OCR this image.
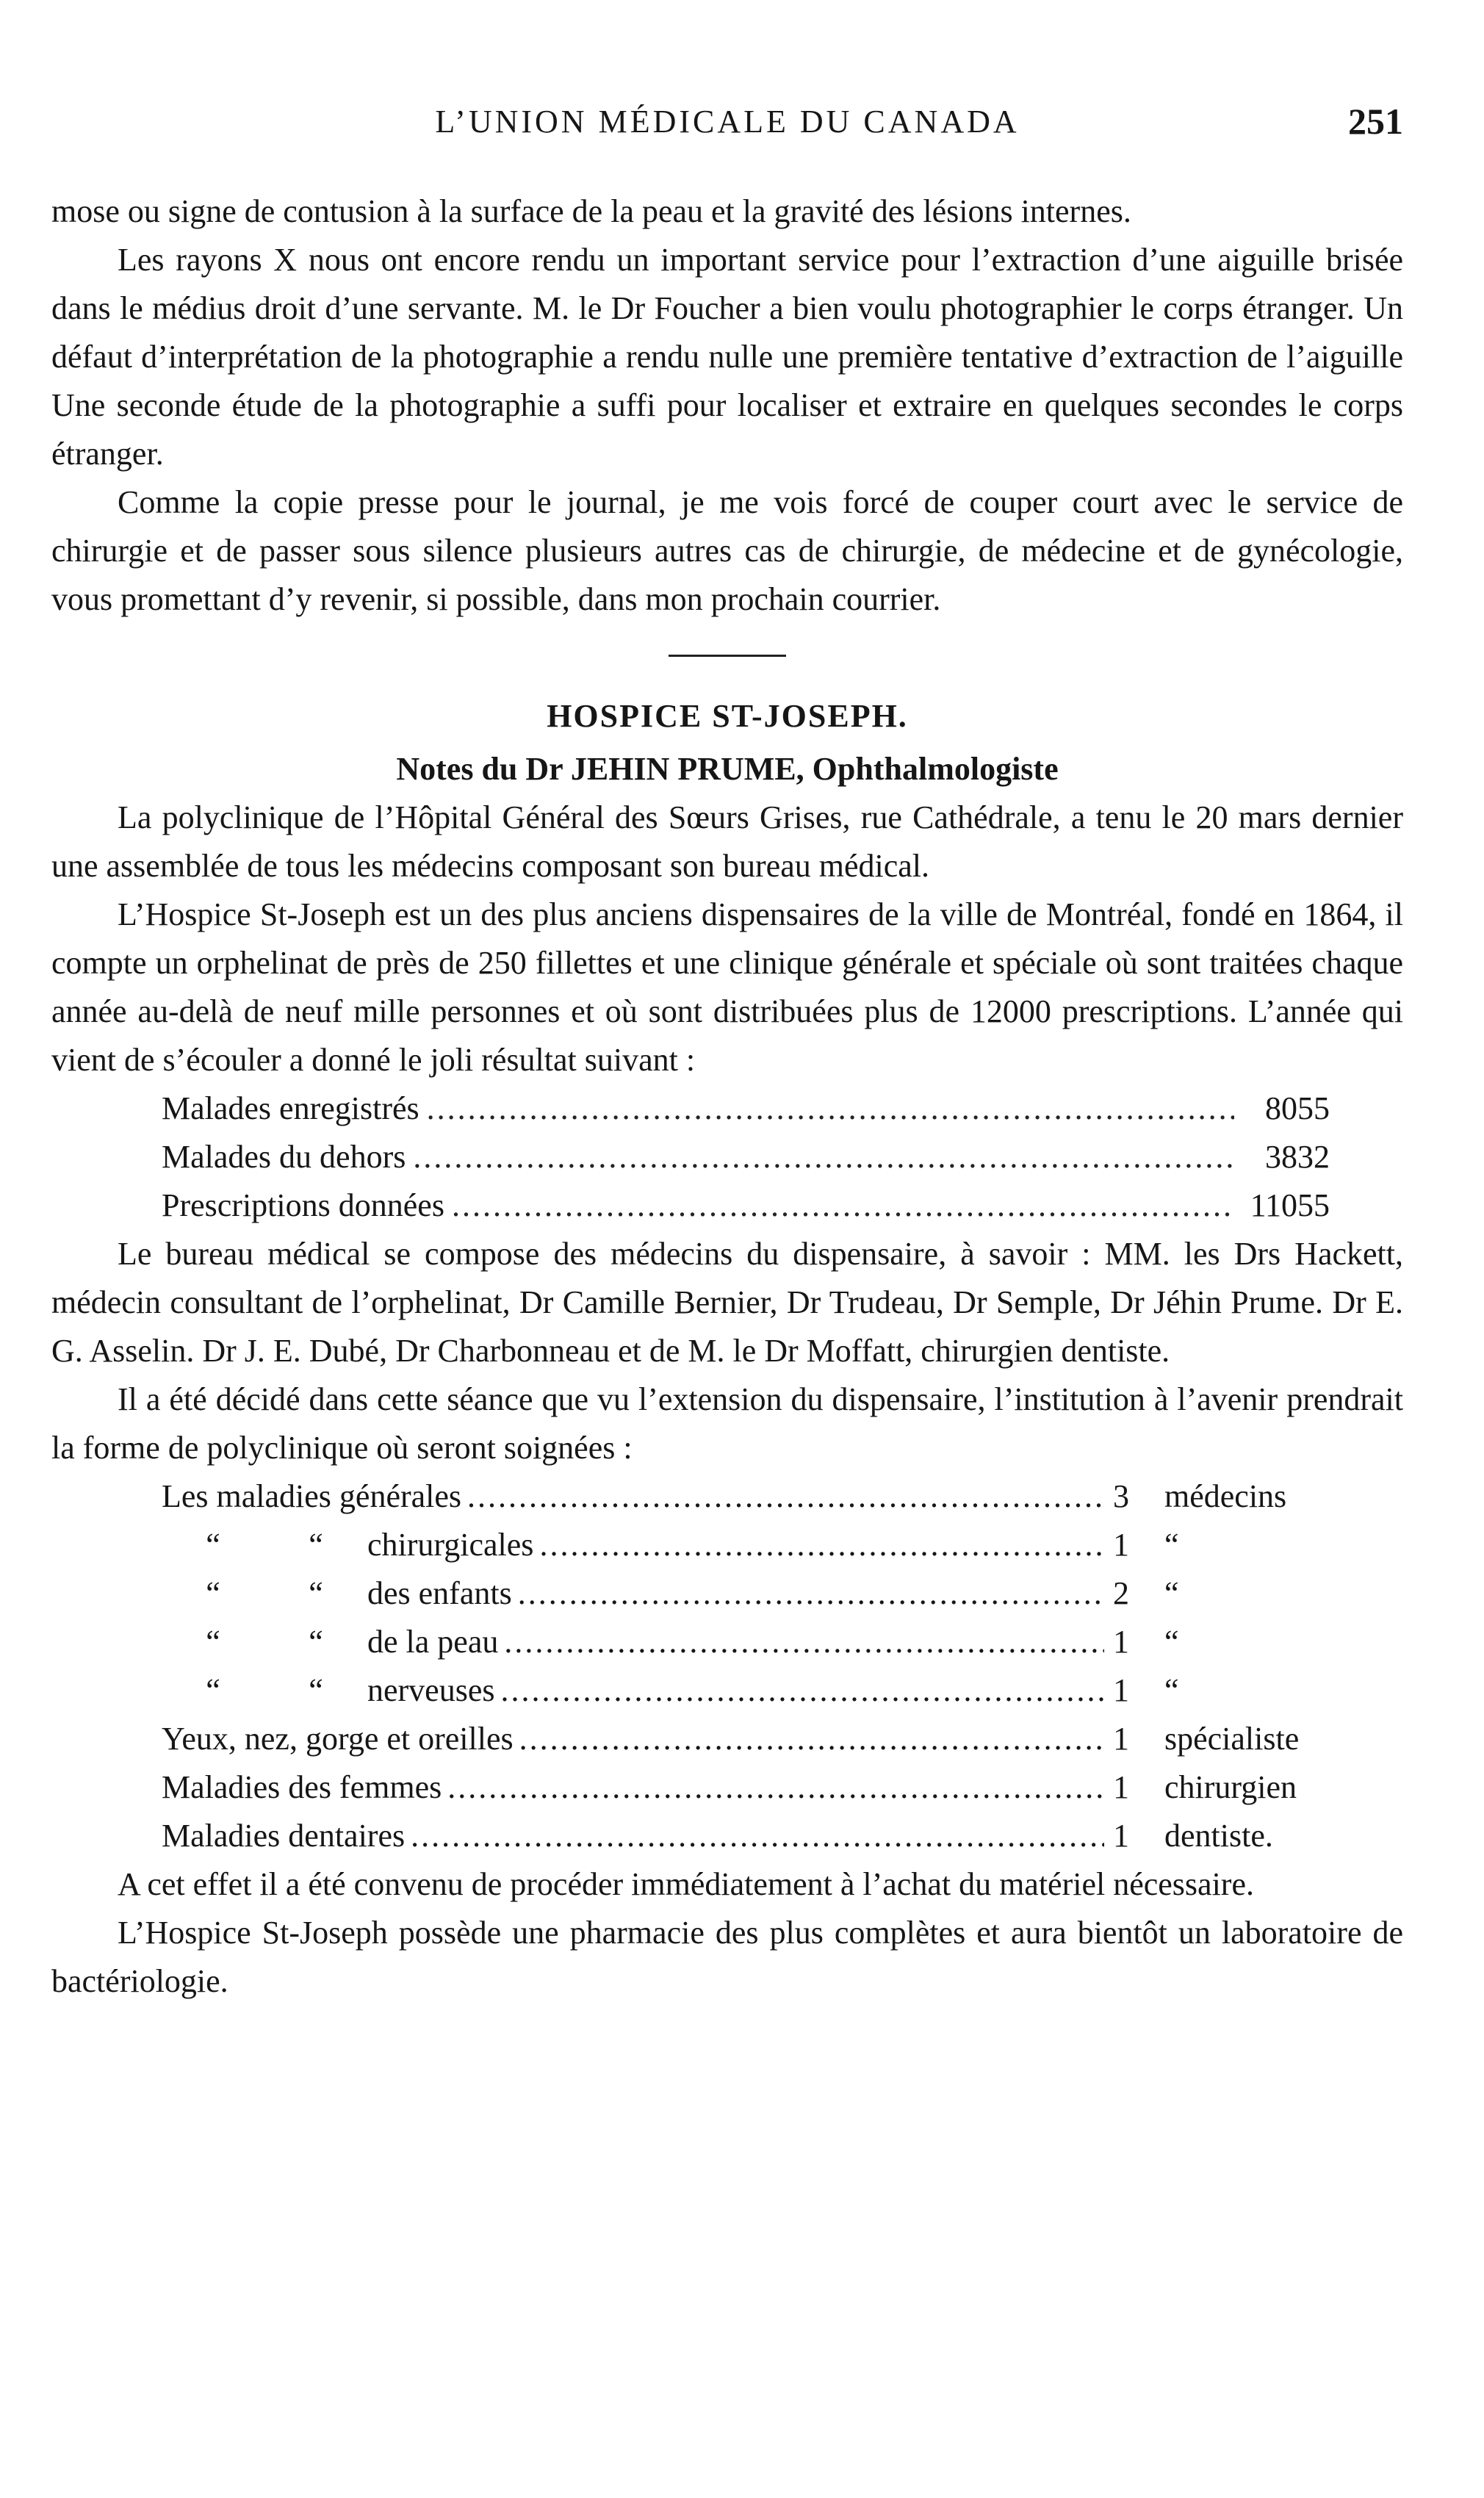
L’UNION MÉDICALE DU CANADA	251

mose ou signe de contusion à la surface de la peau et la gravité des lésions internes.

Les rayons X nous ont encore rendu un important service pour l’extraction d’une aiguille brisée dans le médius droit d’une servante. M. le Dr Foucher a bien voulu photographier le corps étranger. Un défaut d’interprétation de la photographie a rendu nulle une première tentative d’extraction de l’aiguille Une seconde étude de la photographie a suffi pour localiser et extraire en quelques secondes le corps étranger.

Comme la copie presse pour le journal, je me vois forcé de couper court avec le service de chirurgie et de passer sous silence plusieurs autres cas de chirurgie, de médecine et de gynécologie, vous promettant d’y revenir, si possible, dans mon prochain courrier.

HOSPICE ST-JOSEPH.
Notes du Dr JEHIN PRUME, Ophthalmologiste

La polyclinique de l’Hôpital Général des Sœurs Grises, rue Cathédrale, a tenu le 20 mars dernier une assemblée de tous les médecins composant son bureau médical.

L’Hospice St-Joseph est un des plus anciens dispensaires de la ville de Montréal, fondé en 1864, il compte un orphelinat de près de 250 fillettes et une clinique générale et spéciale où sont traitées chaque année au-delà de neuf mille personnes et où sont distribuées plus de 12000 prescriptions. L’année qui vient de s’écouler a donné le joli résultat suivant :

Malades enregistrés .....	8055
Malades du dehors .....	3832
Prescriptions données .....	11055

Le bureau médical se compose des médecins du dispensaire, à savoir : MM. les Drs Hackett, médecin consultant de l’orphelinat, Dr Camille Bernier, Dr Trudeau, Dr Semple, Dr Jéhin Prume. Dr E. G. Asselin. Dr J. E. Dubé, Dr Charbonneau et de M. le Dr Moffatt, chirurgien dentiste.

Il a été décidé dans cette séance que vu l’extension du dispensaire, l’institution à l’avenir prendrait la forme de polyclinique où seront soignées :

Les maladies générales .....	3	médecins
“	“	chirurgicales .....	1	“
“	“	des enfants .....	2	“
“	“	de la peau .....	1	“
“	“	nerveuses .....	1	“
Yeux, nez, gorge et oreilles .....	1	spécialiste
Maladies des femmes .....	1	chirurgien
Maladies dentaires .....	1	dentiste.

A cet effet il a été convenu de procéder immédiatement à l’achat du matériel nécessaire.

L’Hospice St-Joseph possède une pharmacie des plus complètes et aura bientôt un laboratoire de bactériologie.
